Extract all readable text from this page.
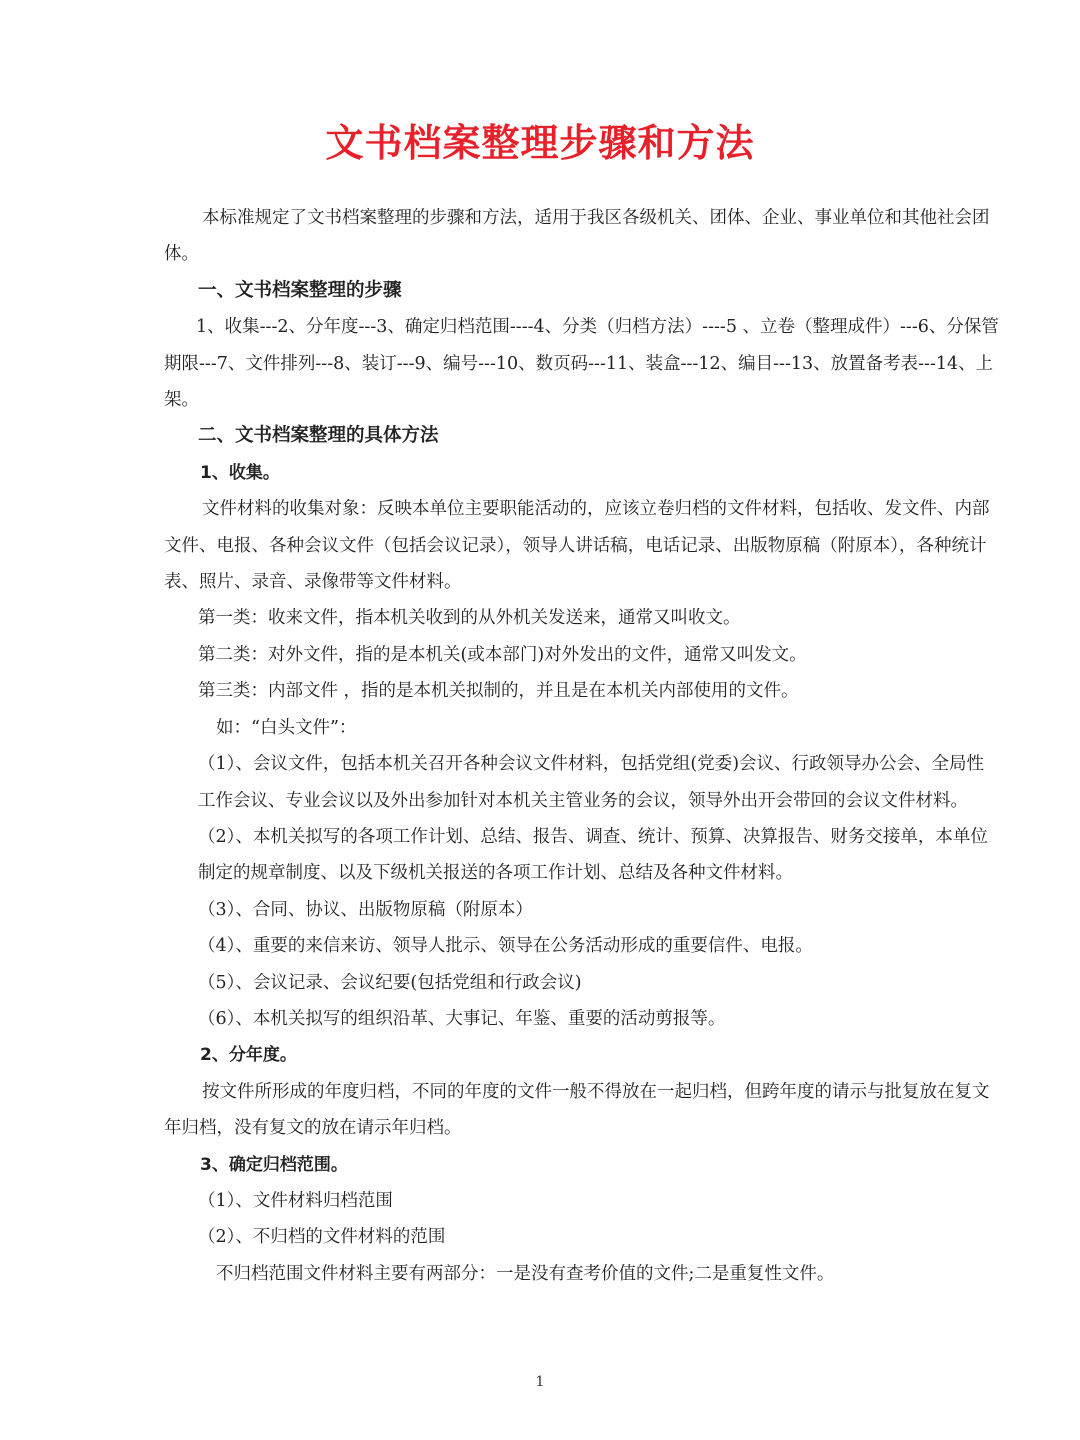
文书档案整理步骤和方法

本标准规定了文书档案整理的步骤和方法，适用于我区各级机关、团体、企业、事业单位和其他社会团体。

一、文书档案整理的步骤

1、收集---2、分年度---3、确定归档范围----4、分类（归档方法）----5 、立卷（整理成件）---6、分保管期限---7、文件排列---8、装订---9、编号---10、数页码---11、装盒---12、编目---13、放置备考表---14、上架。

二、文书档案整理的具体方法

1、收集。

文件材料的收集对象：反映本单位主要职能活动的，应该立卷归档的文件材料，包括收、发文件、内部文件、电报、各种会议文件（包括会议记录），领导人讲话稿，电话记录、出版物原稿（附原本），各种统计表、照片、录音、录像带等文件材料。

第一类：收来文件，指本机关收到的从外机关发送来，通常又叫收文。

第二类：对外文件，指的是本机关(或本部门)对外发出的文件，通常又叫发文。

第三类：内部文件 ，指的是本机关拟制的，并且是在本机关内部使用的文件。

如：“白头文件”：

（1）、会议文件，包括本机关召开各种会议文件材料，包括党组(党委)会议、行政领导办公会、全局性工作会议、专业会议以及外出参加针对本机关主管业务的会议，领导外出开会带回的会议文件材料。

（2）、本机关拟写的各项工作计划、总结、报告、调查、统计、预算、决算报告、财务交接单，本单位制定的规章制度、以及下级机关报送的各项工作计划、总结及各种文件材料。

（3）、合同、协议、出版物原稿（附原本）

（4）、重要的来信来访、领导人批示、领导在公务活动形成的重要信件、电报。

（5）、会议记录、会议纪要(包括党组和行政会议)

（6）、本机关拟写的组织沿革、大事记、年鉴、重要的活动剪报等。

2、分年度。

按文件所形成的年度归档，不同的年度的文件一般不得放在一起归档，但跨年度的请示与批复放在复文年归档，没有复文的放在请示年归档。

3、确定归档范围。

（1）、文件材料归档范围

（2）、不归档的文件材料的范围

不归档范围文件材料主要有两部分：一是没有查考价值的文件;二是重复性文件。

1
